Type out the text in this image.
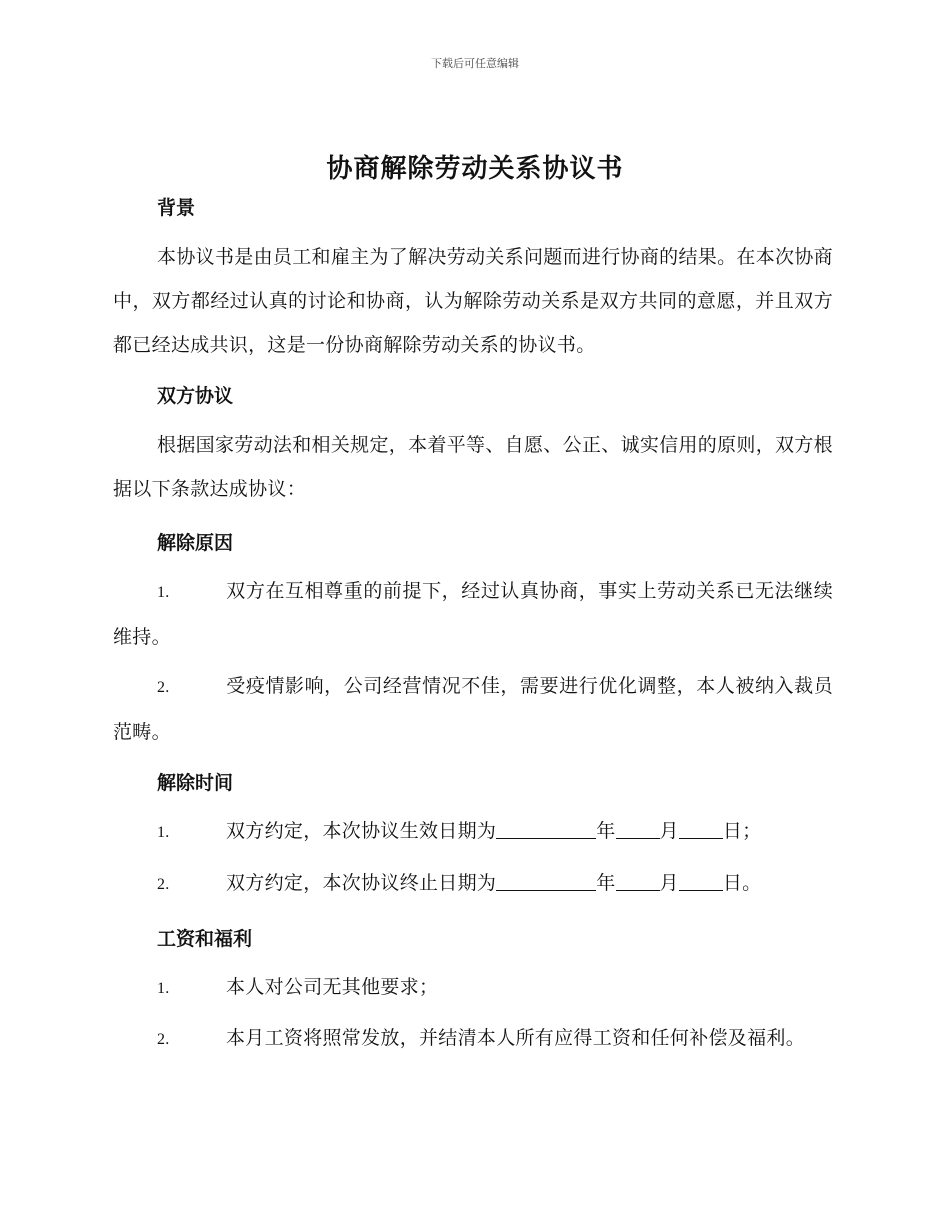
下载后可任意编辑
协商解除劳动关系协议书
背景
本协议书是由员工和雇主为了解决劳动关系问题而进行协商的结果。在本次协商中，双方都经过认真的讨论和协商，认为解除劳动关系是双方共同的意愿，并且双方都已经达成共识，这是一份协商解除劳动关系的协议书。
双方协议
根据国家劳动法和相关规定，本着平等、自愿、公正、诚实信用的原则，双方根据以下条款达成协议：
解除原因
1.	双方在互相尊重的前提下，经过认真协商，事实上劳动关系已无法继续维持。
2.	受疫情影响，公司经营情况不佳，需要进行优化调整，本人被纳入裁员范畴。
解除时间
1.	双方约定，本次协议生效日期为	年 月 日；
2.	双方约定，本次协议终止日期为	年 月 日。
工资和福利
1.	本人对公司无其他要求；
2.	本月工资将照常发放，并结清本人所有应得工资和任何补偿及福利。
